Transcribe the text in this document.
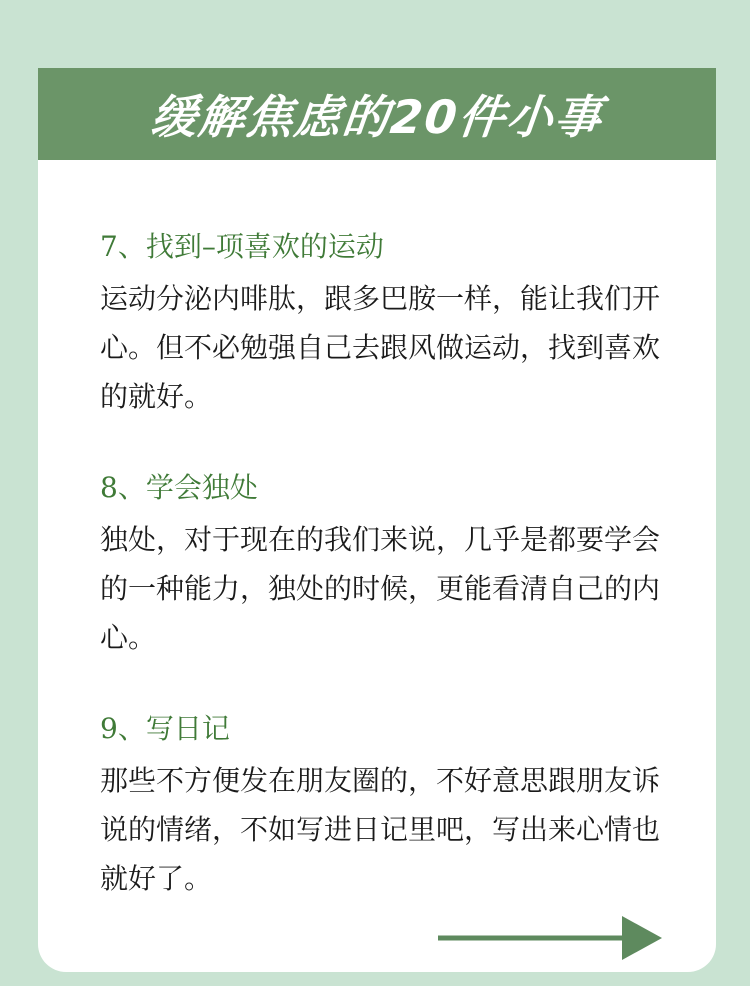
缓解焦虑的20件小事

7、找到–项喜欢的运动

运动分泌内啡肽，跟多巴胺一样，能让我们开心。但不必勉强自己去跟风做运动，找到喜欢的就好。

8、学会独处

独处，对于现在的我们来说，几乎是都要学会的一种能力，独处的时候，更能看清自己的内心。

9、写日记

那些不方便发在朋友圈的，不好意思跟朋友诉说的情绪，不如写进日记里吧，写出来心情也就好了。
